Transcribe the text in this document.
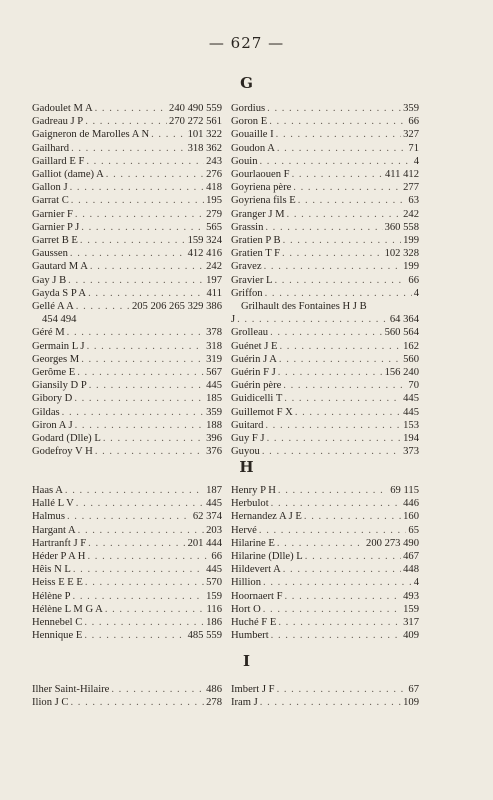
— 627 —
G
Gadoulet M A . . .	240 490 559
Gadreau J P . . .	270 272 561
Gaigneron de Marolles A N . . .	101 322
Gailhard . . .	318 362
Gaillard E F . . .	243
Galliot (dame) A . . .	276
Gallon J . . .	418
Garrat C . . .	195
Garnier F . . .	279
Garnier P J . . .	565
Garret B E . . .	159 324
Gaussen . . .	412 416
Gautard M A . . .	242
Gay J B . . .	197
Gayda S P A . . .	411
Gellé A A . . .	205 206 265 329 386
454 494
Géré M . . .	378
Germain L J . . .	318
Georges M . . .	319
Gerôme E . . .	567
Giansily D P . . .	445
Gibory D . . .	185
Gildas . . .	359
Giron A J . . .	188
Godard (Dlle) L . . .	396
Godefroy V H . . .	376
Gordius . . .	359
Goron E . . .	66
Gouaille I . . .	327
Goudon A . . .	71
Gouin . . .	4
Gourlaouen F . . .	411 412
Goyriena père . . .	277
Goyriena fils E . . .	63
Granger J M . . .	242
Grassin . . .	360 558
Gratien P B . . .	199
Gratien T F . . .	102 328
Gravez . . .	199
Gravier L . . .	66
Griffon . . .	4
Grilhault des Fontaines H J B
J . . .	64 364
Grolleau . . .	560 564
Guénet J E . . .	162
Guérin J A . . .	560
Guérin F J . . .	156 240
Guérin père . . .	70
Guidicelli T . . .	445
Guillemot F X . . .	445
Guitard . . .	153
Guy F J . . .	194
Guyou . . .	373
H
Haas A . . .	187
Hallé L V . . .	445
Halmus . . .	62 374
Hargant A . . .	203
Hartranft J F . . .	201 444
Héder P A H . . .	66
Hêis N L . . .	445
Heiss E E E . . .	570
Hélène P . . .	159
Hélène L M G A . . .	116
Hennebel C . . .	186
Hennique E . . .	485 559
Henry P H . . .	69 115
Herbulot . . .	446
Hernandez A J E . . .	160
Hervé . . .	65
Hilarine E . . .	200 273 490
Hilarine (Dlle) L . . .	467
Hildevert A . . .	448
Hillion . . .	4
Hoornaert F . . .	493
Hort O . . .	159
Huché F E . . .	317
Humbert . . .	409
I
Ilher Saint-Hilaire . . .	486
Ilion J C . . .	278
Imbert J F . . .	67
Iram J . . .	109
